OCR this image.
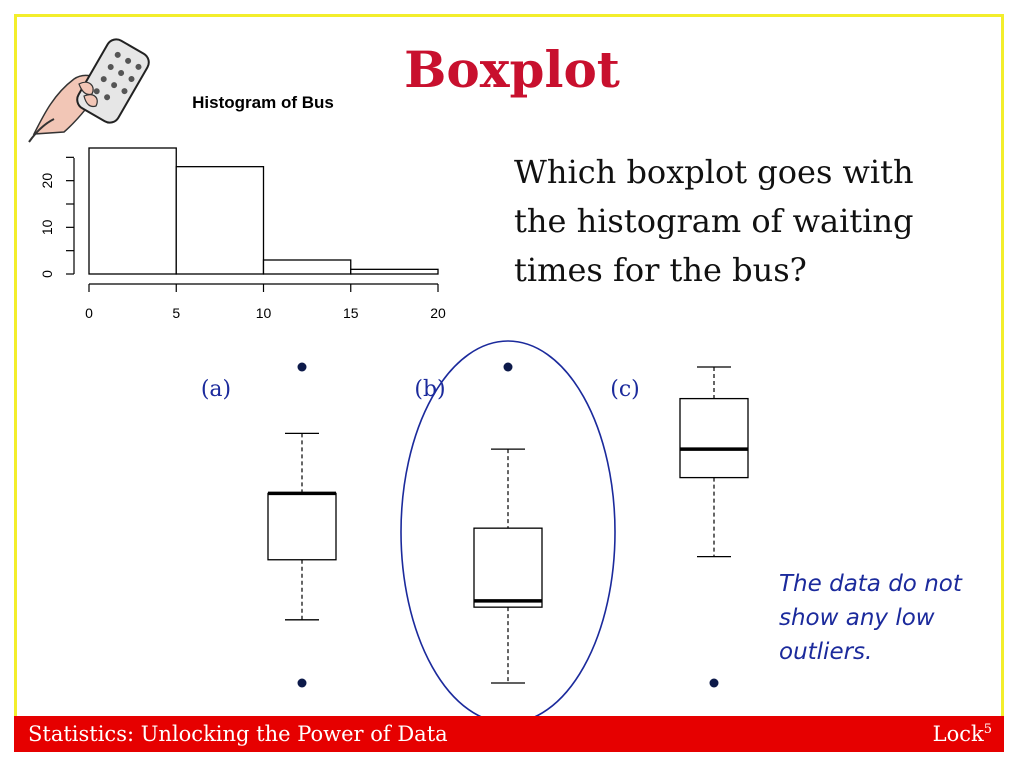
Boxplot
Histogram of Bus
Which boxplot goes with the histogram of waiting times for the bus?
0	5	10	15	20
0
10
20
(a)	(b)	(c)
The data do not show any low outliers.
Statistics: Unlocking the Power of Data	Lock$^5$
